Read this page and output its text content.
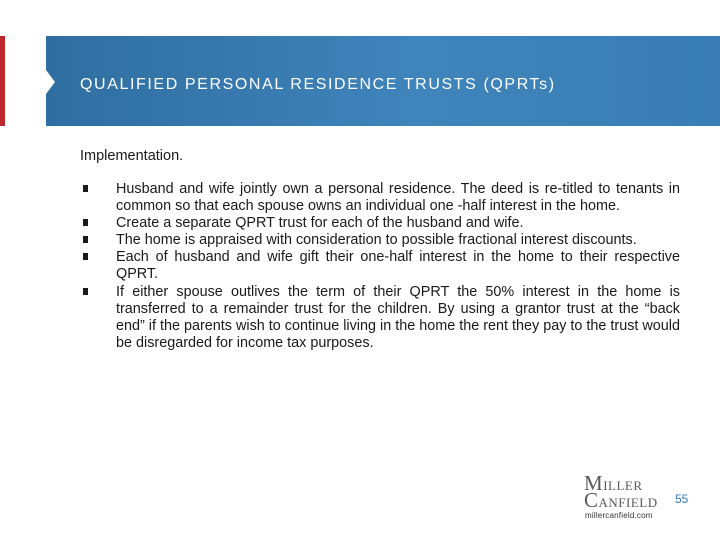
QUALIFIED PERSONAL RESIDENCE TRUSTS (QPRTs)
Implementation.
Husband and wife jointly own a personal residence. The deed is re-titled to tenants in common so that each spouse owns an individual one -half interest in the home.
Create a separate QPRT trust for each of the husband and wife.
The home is appraised with consideration to possible fractional interest discounts.
Each of husband and wife gift their one-half interest in the home to their respective QPRT.
If either spouse outlives the term of their QPRT the 50% interest in the home is transferred to a remainder trust for the children. By using a grantor trust at the “back end” if the parents wish to continue living in the home the rent they pay to the trust would be disregarded for income tax purposes.
MILLER
CANFIELD
millercanfield.com
55
